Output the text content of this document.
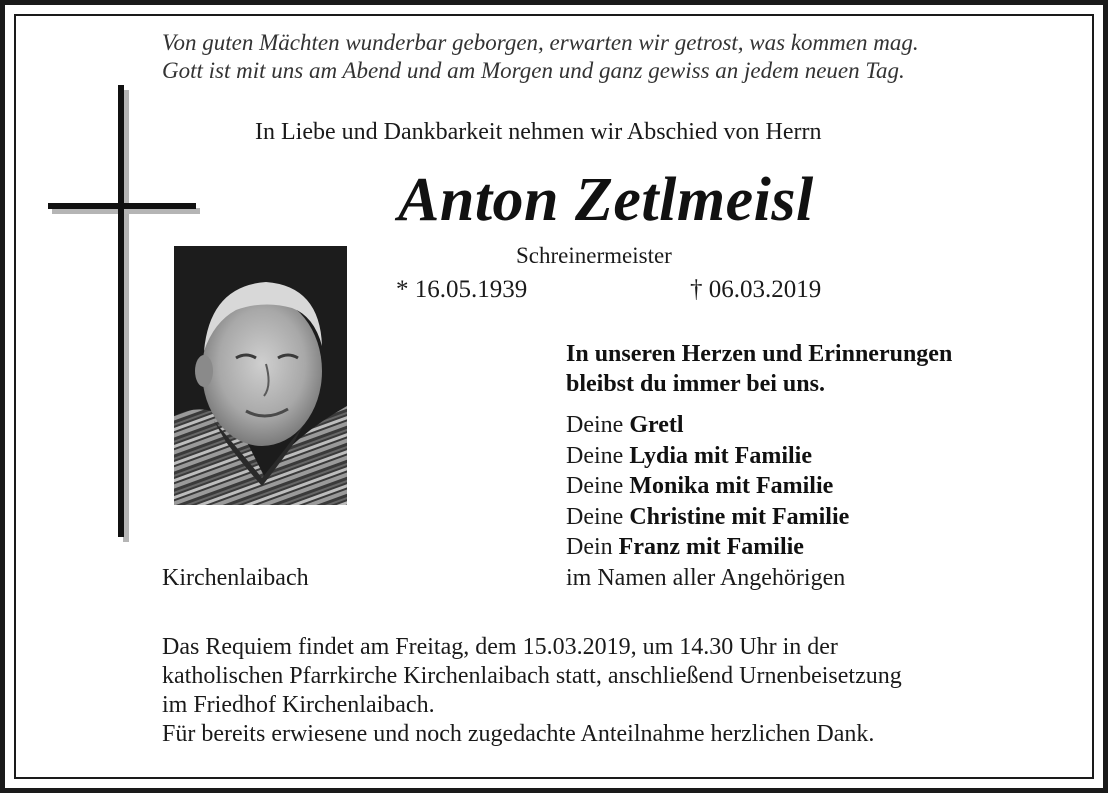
Von guten Mächten wunderbar geborgen, erwarten wir getrost, was kommen mag.
Gott ist mit uns am Abend und am Morgen und ganz gewiss an jedem neuen Tag.
In Liebe und Dankbarkeit nehmen wir Abschied von Herrn
Anton Zetlmeisl
Schreinermeister
* 16.05.1939	† 06.03.2019
Kirchenlaibach
In unseren Herzen und Erinnerungen
bleibst du immer bei uns.
Deine Gretl
Deine Lydia mit Familie
Deine Monika mit Familie
Deine Christine mit Familie
Dein Franz mit Familie
im Namen aller Angehörigen
Das Requiem findet am Freitag, dem 15.03.2019, um 14.30 Uhr in der
katholischen Pfarrkirche Kirchenlaibach statt, anschließend Urnenbeisetzung
im Friedhof Kirchenlaibach.
Für bereits erwiesene und noch zugedachte Anteilnahme herzlichen Dank.
